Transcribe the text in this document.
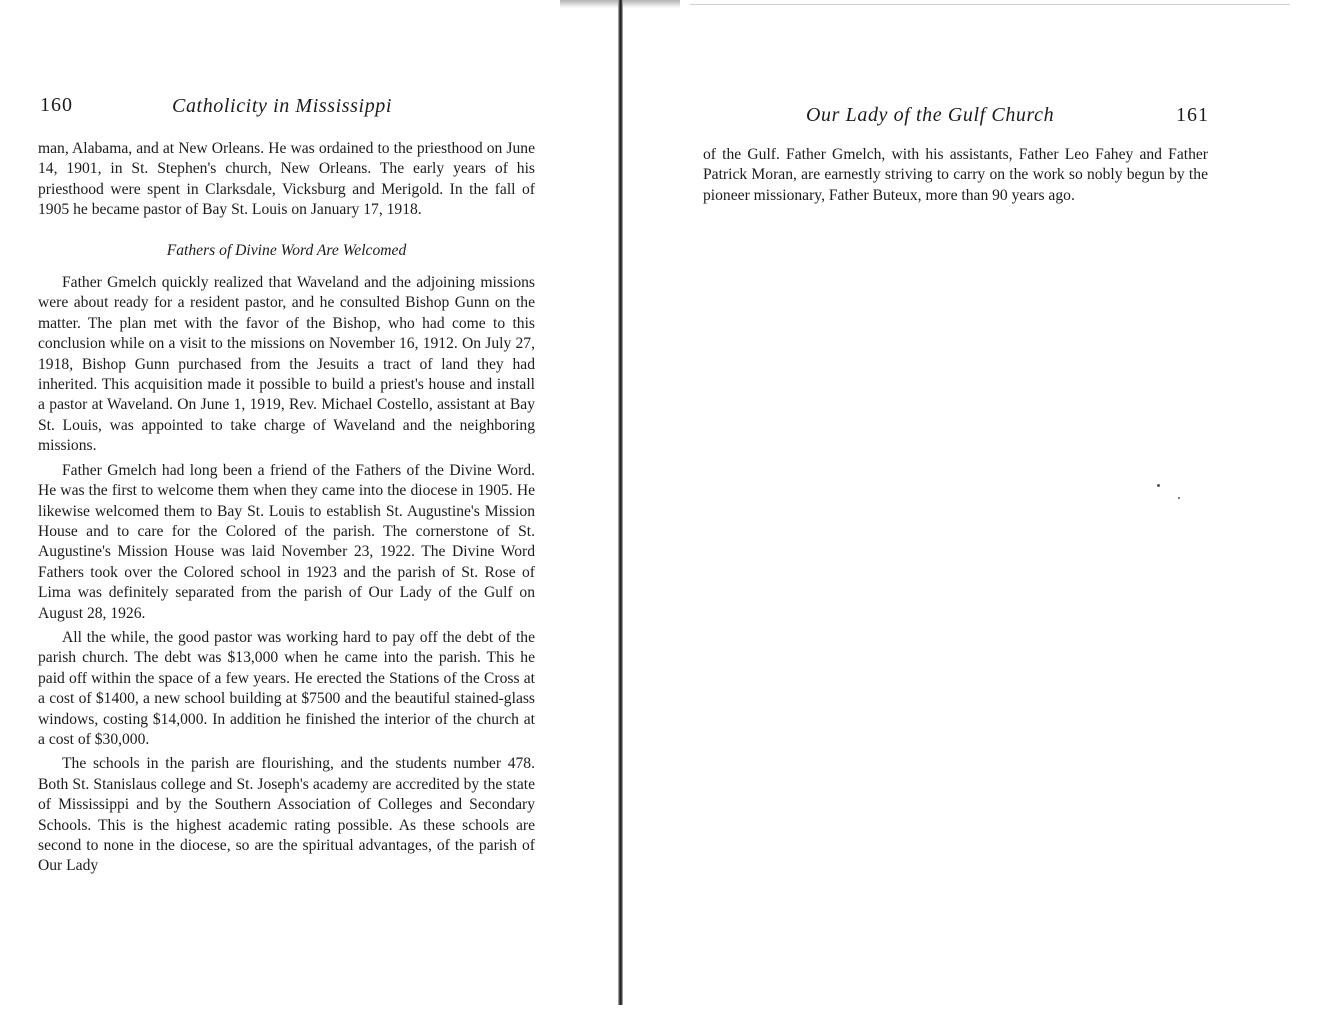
160	Catholicity in Mississippi

man, Alabama, and at New Orleans. He was ordained to the priesthood on June 14, 1901, in St. Stephen's church, New Orleans. The early years of his priesthood were spent in Clarksdale, Vicksburg and Merigold. In the fall of 1905 he became pastor of Bay St. Louis on January 17, 1918.

Fathers of Divine Word Are Welcomed

Father Gmelch quickly realized that Waveland and the adjoining missions were about ready for a resident pastor, and he consulted Bishop Gunn on the matter. The plan met with the favor of the Bishop, who had come to this conclusion while on a visit to the missions on November 16, 1912. On July 27, 1918, Bishop Gunn purchased from the Jesuits a tract of land they had inherited. This acquisition made it possible to build a priest's house and install a pastor at Waveland. On June 1, 1919, Rev. Michael Costello, assistant at Bay St. Louis, was appointed to take charge of Waveland and the neighboring missions.

Father Gmelch had long been a friend of the Fathers of the Divine Word. He was the first to welcome them when they came into the diocese in 1905. He likewise welcomed them to Bay St. Louis to establish St. Augustine's Mission House and to care for the Colored of the parish. The cornerstone of St. Augustine's Mission House was laid November 23, 1922. The Divine Word Fathers took over the Colored school in 1923 and the parish of St. Rose of Lima was definitely separated from the parish of Our Lady of the Gulf on August 28, 1926.

All the while, the good pastor was working hard to pay off the debt of the parish church. The debt was $13,000 when he came into the parish. This he paid off within the space of a few years. He erected the Stations of the Cross at a cost of $1400, a new school building at $7500 and the beautiful stained-glass windows, costing $14,000. In addition he finished the interior of the church at a cost of $30,000.

The schools in the parish are flourishing, and the students number 478. Both St. Stanislaus college and St. Joseph's academy are accredited by the state of Mississippi and by the Southern Association of Colleges and Secondary Schools. This is the highest academic rating possible. As these schools are second to none in the diocese, so are the spiritual advantages, of the parish of Our Lady

Our Lady of the Gulf Church	161

of the Gulf. Father Gmelch, with his assistants, Father Leo Fahey and Father Patrick Moran, are earnestly striving to carry on the work so nobly begun by the pioneer missionary, Father Buteux, more than 90 years ago.
